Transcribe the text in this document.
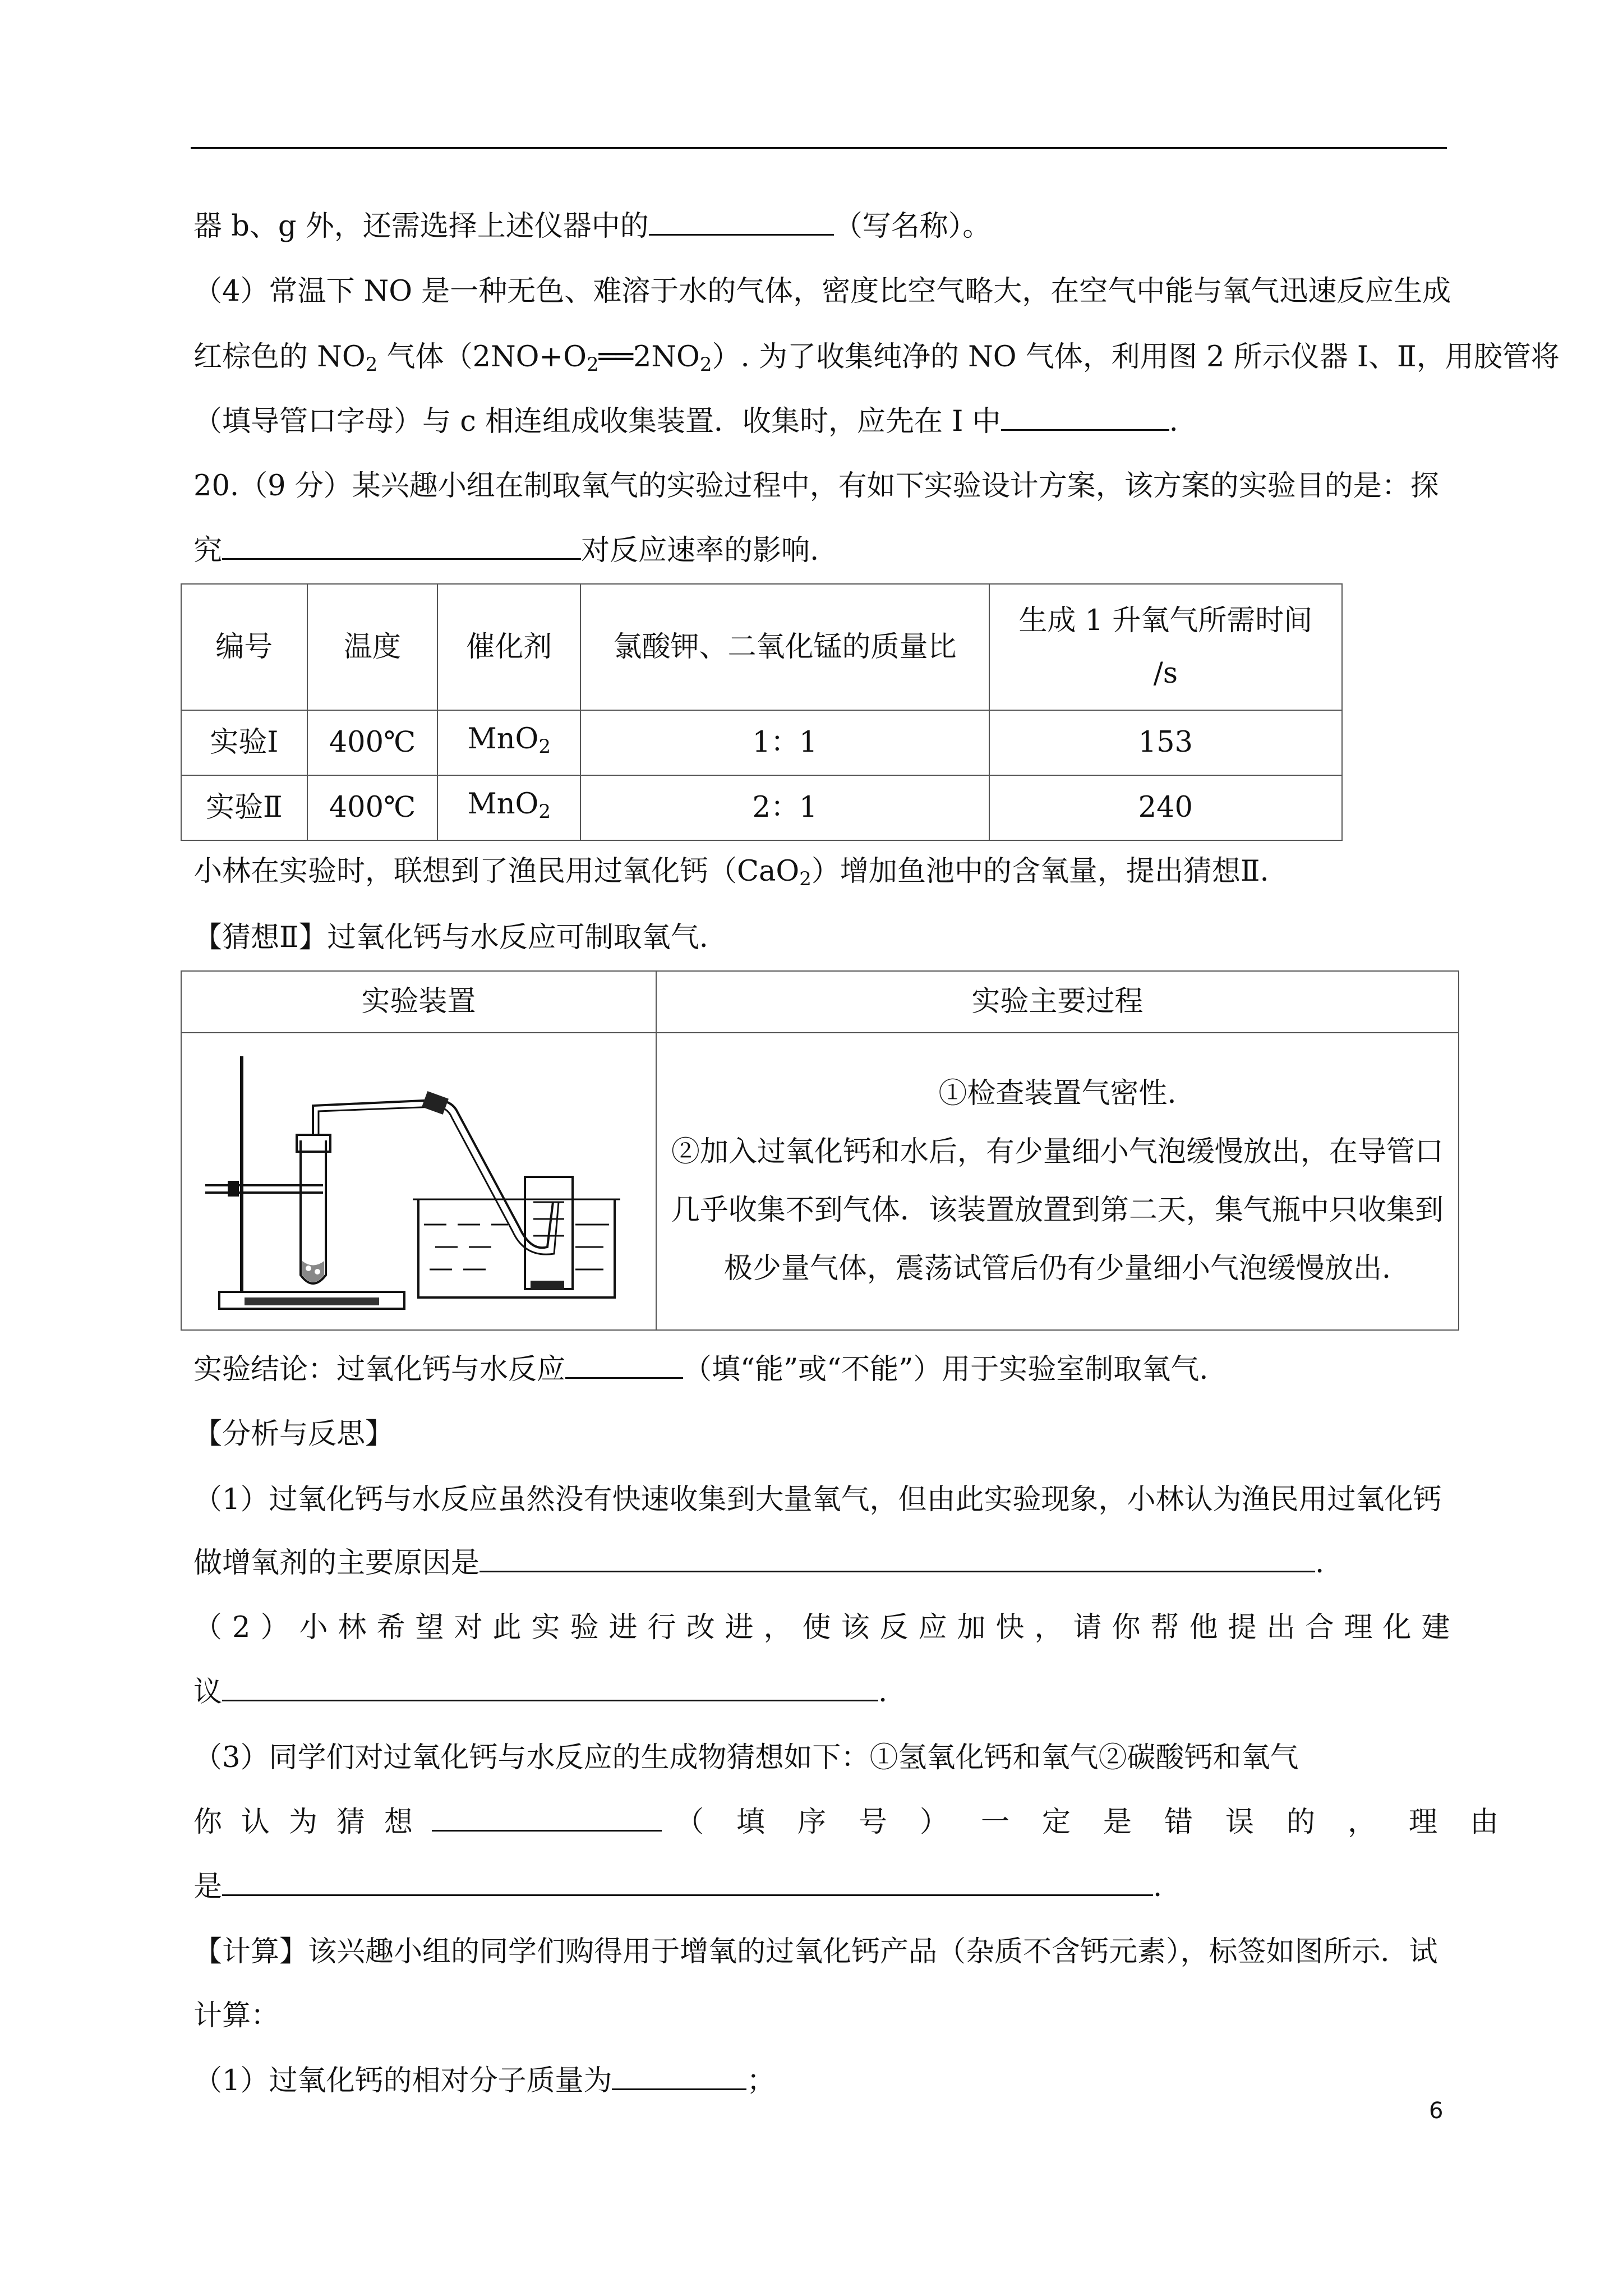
器 b、g 外，还需选择上述仪器中的	（写名称）。
（4）常温下 NO 是一种无色、难溶于水的气体，密度比空气略大，在空气中能与氧气迅速反应生成
红棕色的 $NO_2$ 气体$(2NO+O_2══2NO_2)$. 为了收集纯净的 NO 气体，利用图 2 所示仪器 Ⅰ、Ⅱ，用胶管将
（填导管口字母）与 c 相连组成收集装置．收集时，应先在 Ⅰ 中	.
20.（9 分）某兴趣小组在制取氧气的实验过程中，有如下实验设计方案，该方案的实验目的是：探
究	对反应速率的影响.
编号	温度	催化剂	氯酸钾、二氧化锰的质量比	生成 1 升氧气所需时间
/s

实验Ⅰ	400℃	MnO$_2$	1：1	153
实验Ⅱ	400℃	MnO$_2$	2：1	240
小林在实验时，联想到了渔民用过氧化钙（CaO$_2$）增加鱼池中的含氧量，提出猜想Ⅱ.
【猜想Ⅱ】过氧化钙与水反应可制取氧气.
实验装置	实验主要过程

①检查装置气密性.
②加入过氧化钙和水后，有少量细小气泡缓慢放出，在导管口
几乎收集不到气体．该装置放置到第二天，集气瓶中只收集到
极少量气体，震荡试管后仍有少量细小气泡缓慢放出.
实验结论：过氧化钙与水反应	（填“能”或“不能”）用于实验室制取氧气.
【分析与反思】
（1）过氧化钙与水反应虽然没有快速收集到大量氧气，但由此实验现象，小林认为渔民用过氧化钙
做增氧剂的主要原因是	.
（2）小林希望对此实验进行改进，使该反应加快，请你帮他提出合理化建
议	.
（3）同学们对过氧化钙与水反应的生成物猜想如下：①氢氧化钙和氧气②碳酸钙和氧气
你认为猜想	（填序号）一定是错误的，理由
是	.
【计算】该兴趣小组的同学们购得用于增氧的过氧化钙产品（杂质不含钙元素），标签如图所示．试
计算：
（1）过氧化钙的相对分子质量为	；
6
